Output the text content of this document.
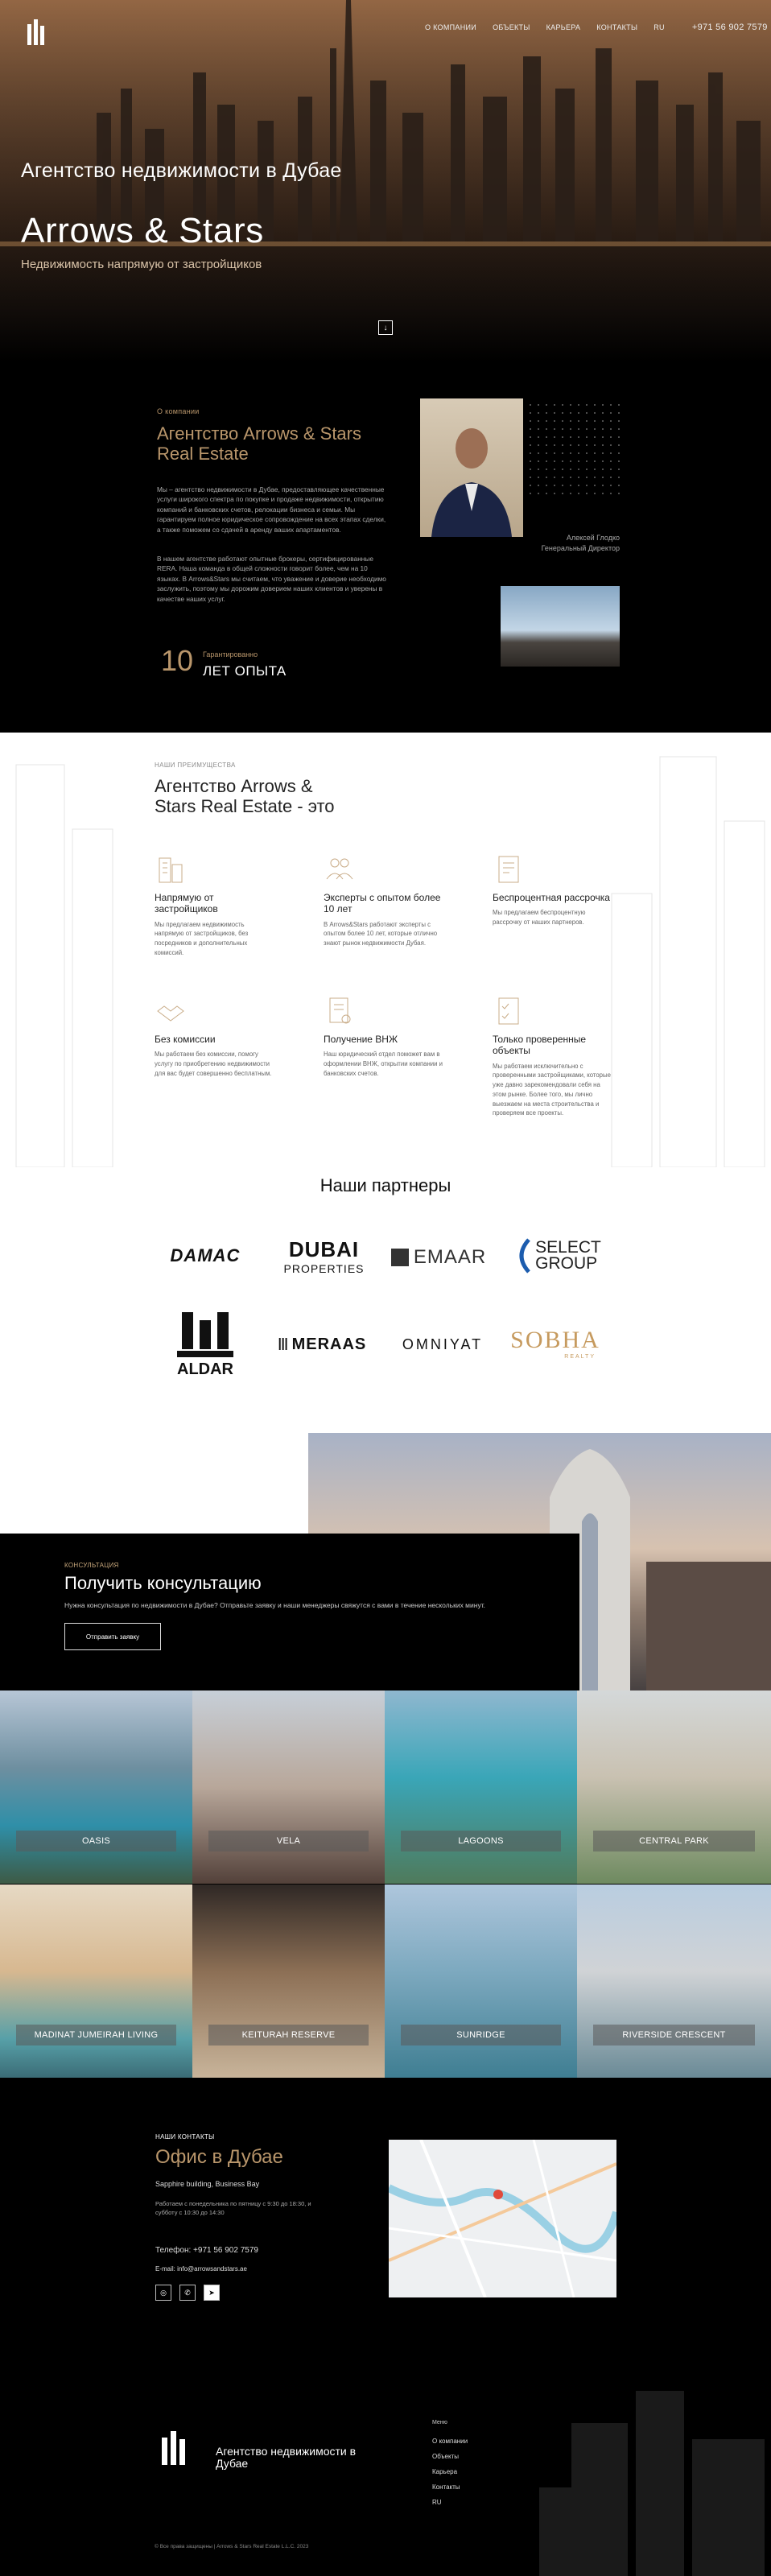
О КОМПАНИИ ОБЪЕКТЫ КАРЬЕРА КОНТАКТЫ RU	+971 56 902 7579
Агентство недвижимости в Дубае
Arrows & Stars
Недвижимость напрямую от застройщиков
↓
О компании
Агентство Arrows & Stars Real Estate
Мы – агентство недвижимости в Дубае, предоставляющее качественные услуги широкого спектра по покупке и продаже недвижимости, открытию компаний и банковских счетов, релокации бизнеса и семьи. Мы гарантируем полное юридическое сопровождение на всех этапах сделки, а также поможем со сдачей в аренду ваших апартаментов.
В нашем агентстве работают опытные брокеры, сертифицированные RERA. Наша команда в общей сложности говорит более, чем на 10 языках. В Arrows&Stars мы считаем, что уважение и доверие необходимо заслужить, поэтому мы дорожим доверием наших клиентов и уверены в качестве наших услуг.
10 Гарантированно
ЛЕТ ОПЫТА
Алексей Глодко
Генеральный Директор
НАШИ ПРЕИМУЩЕСТВА
Агентство Arrows & Stars Real Estate - это
Напрямую от застройщиков
Мы предлагаем недвижимость напрямую от застройщиков, без посредников и дополнительных комиссий.
Эксперты с опытом более 10 лет
В Arrows&Stars работают эксперты с опытом более 10 лет, которые отлично знают рынок недвижимости Дубая.
Беспроцентная рассрочка
Мы предлагаем беспроцентную рассрочку от наших партнеров.
Без комиссии
Мы работаем без комиссии, помогу услугу по приобретению недвижимости для вас будет совершенно бесплатным.
Получение ВНЖ
Наш юридический отдел поможет вам в оформлении ВНЖ, открытии компании и банковских счетов.
Только проверенные объекты
Мы работаем исключительно с проверенными застройщиками, которые уже давно зарекомендовали себя на этом рынке. Более того, мы лично выезжаем на места строительства и проверяем все проекты.
Наши партнеры
DAMAC DUBAI
PROPERTIES
EMAAR	SELECT
GROUP
ALDAR
Ⅲ MERAAS OMNIYAT SOBHA
REALTY
КОНСУЛЬТАЦИЯ
Получить консультацию
Нужна консультация по недвижимости в Дубае? Отправьте заявку и наши менеджеры свяжутся с вами в течение нескольких минут.
Отправить заявку
OASIS	VELA	LAGOONS	CENTRAL PARK
MADINAT JUMEIRAH LIVING	KEITURAH RESERVE	SUNRIDGE	RIVERSIDE CRESCENT
НАШИ КОНТАКТЫ
Офис в Дубае
Sapphire building, Business Bay
Работаем с понедельника по пятницу с 9:30 до 18:30, и субботу с 10:30 до 14:30
Телефон: +971 56 902 7579
E-mail: info@arrowsandstars.ae
◎	✆	➤
Агентство недвижимости в Дубае
Меню
О компании
Объекты
Карьера
Контакты
RU
© Все права защищены | Arrows & Stars Real Estate L.L.C. 2023
